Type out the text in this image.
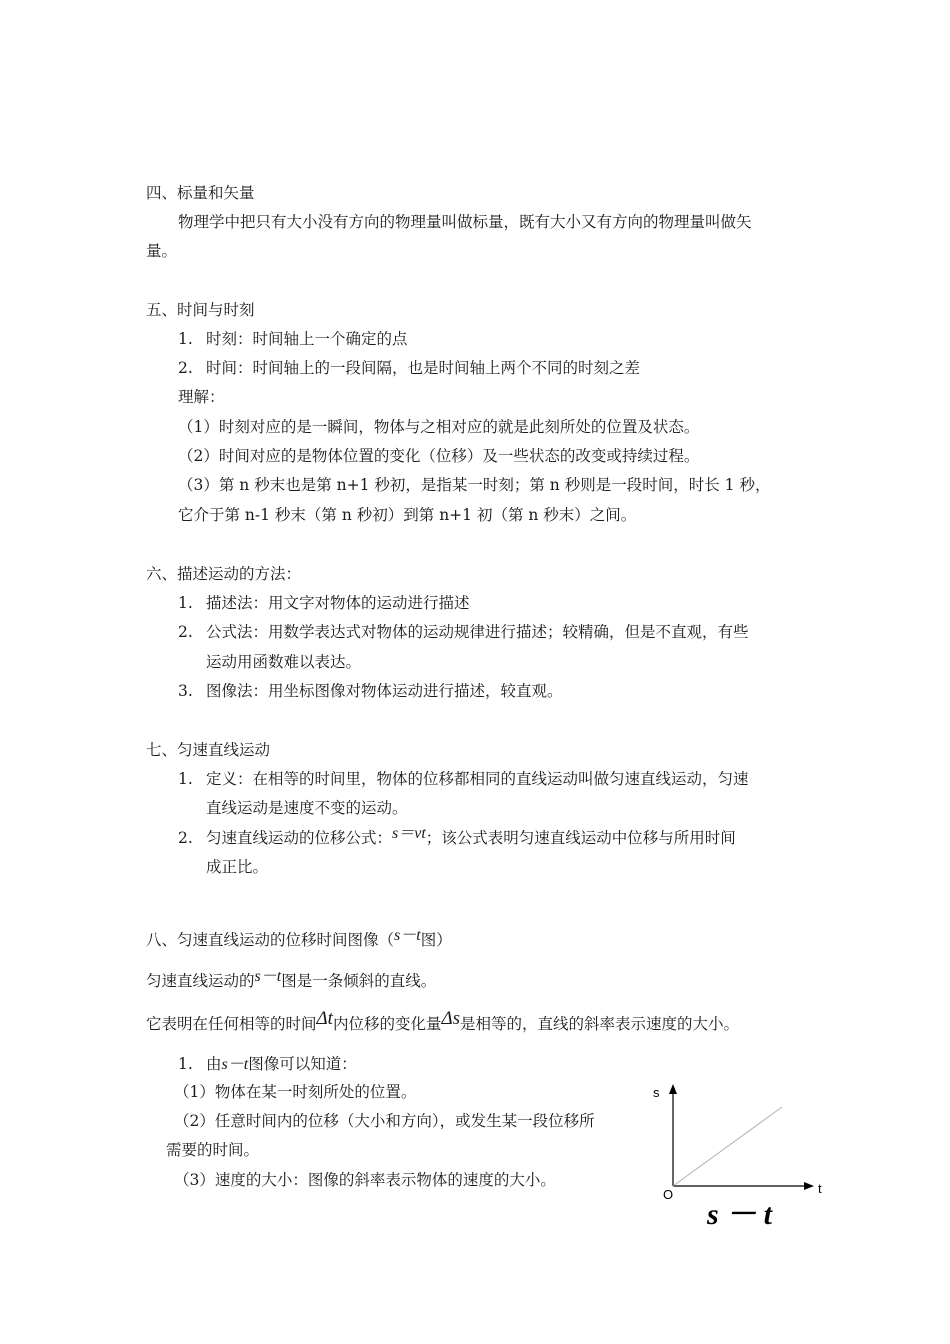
四、标量和矢量
物理学中把只有大小没有方向的物理量叫做标量，既有大小又有方向的物理量叫做矢
量。
五、时间与时刻
1. 时刻：时间轴上一个确定的点
2. 时间：时间轴上的一段间隔，也是时间轴上两个不同的时刻之差
理解：
（1）时刻对应的是一瞬间，物体与之相对应的就是此刻所处的位置及状态。
（2）时间对应的是物体位置的变化（位移）及一些状态的改变或持续过程。
（3）第 n 秒末也是第 n+1 秒初，是指某一时刻；第 n 秒则是一段时间，时长 1 秒，
它介于第 n-1 秒末（第 n 秒初）到第 n+1 初（第 n 秒末）之间。
六、描述运动的方法：
1. 描述法：用文字对物体的运动进行描述
2. 公式法：用数学表达式对物体的运动规律进行描述；较精确，但是不直观，有些
运动用函数难以表达。
3. 图像法：用坐标图像对物体运动进行描述，较直观。
七、匀速直线运动
1. 定义：在相等的时间里，物体的位移都相同的直线运动叫做匀速直线运动，匀速
直线运动是速度不变的运动。
2. 匀速直线运动的位移公式：s＝vt；该公式表明匀速直线运动中位移与所用时间
成正比。
八、匀速直线运动的位移时间图像（s－t图）
匀速直线运动的s－t图是一条倾斜的直线。
它表明在任何相等的时间Δt内位移的变化量Δs是相等的，直线的斜率表示速度的大小。
1. 由s－t图像可以知道：
（1）物体在某一时刻所处的位置。
（2）任意时间内的位移（大小和方向），或发生某一段位移所
需要的时间。
（3）速度的大小：图像的斜率表示物体的速度的大小。
s
t
O
s － t
